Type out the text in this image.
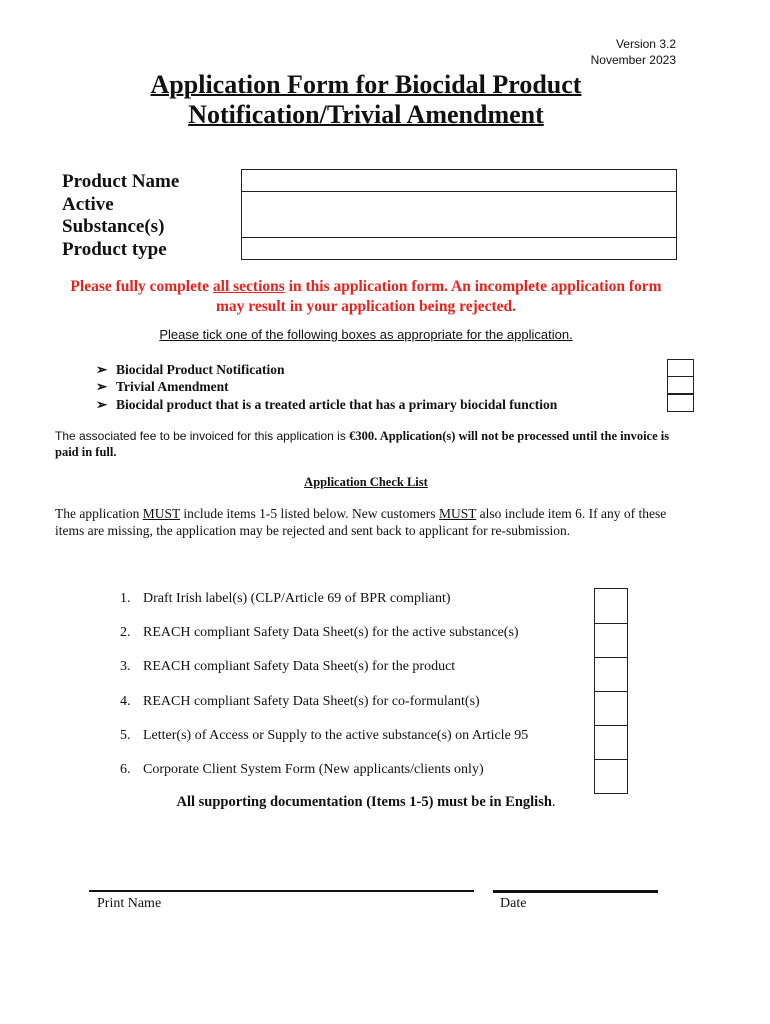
Version 3.2
November 2023
Application Form for Biocidal Product
Notification/Trivial Amendment
Product Name
Active
Substance(s)
Product type
Please fully complete all sections in this application form. An incomplete application form may result in your application being rejected.
Please tick one of the following boxes as appropriate for the application.
➢ Biocidal Product Notification
➢ Trivial Amendment
➢ Biocidal product that is a treated article that has a primary biocidal function
The associated fee to be invoiced for this application is €300. Application(s) will not be processed until the invoice is paid in full.
Application Check List
The application MUST include items 1-5 listed below. New customers MUST also include item 6. If any of these items are missing, the application may be rejected and sent back to applicant for re-submission.
1. Draft Irish label(s) (CLP/Article 69 of BPR compliant)
2. REACH compliant Safety Data Sheet(s) for the active substance(s)
3. REACH compliant Safety Data Sheet(s) for the product
4. REACH compliant Safety Data Sheet(s) for co-formulant(s)
5. Letter(s) of Access or Supply to the active substance(s) on Article 95
6. Corporate Client System Form (New applicants/clients only)
All supporting documentation (Items 1-5) must be in English.
Print Name	Date
